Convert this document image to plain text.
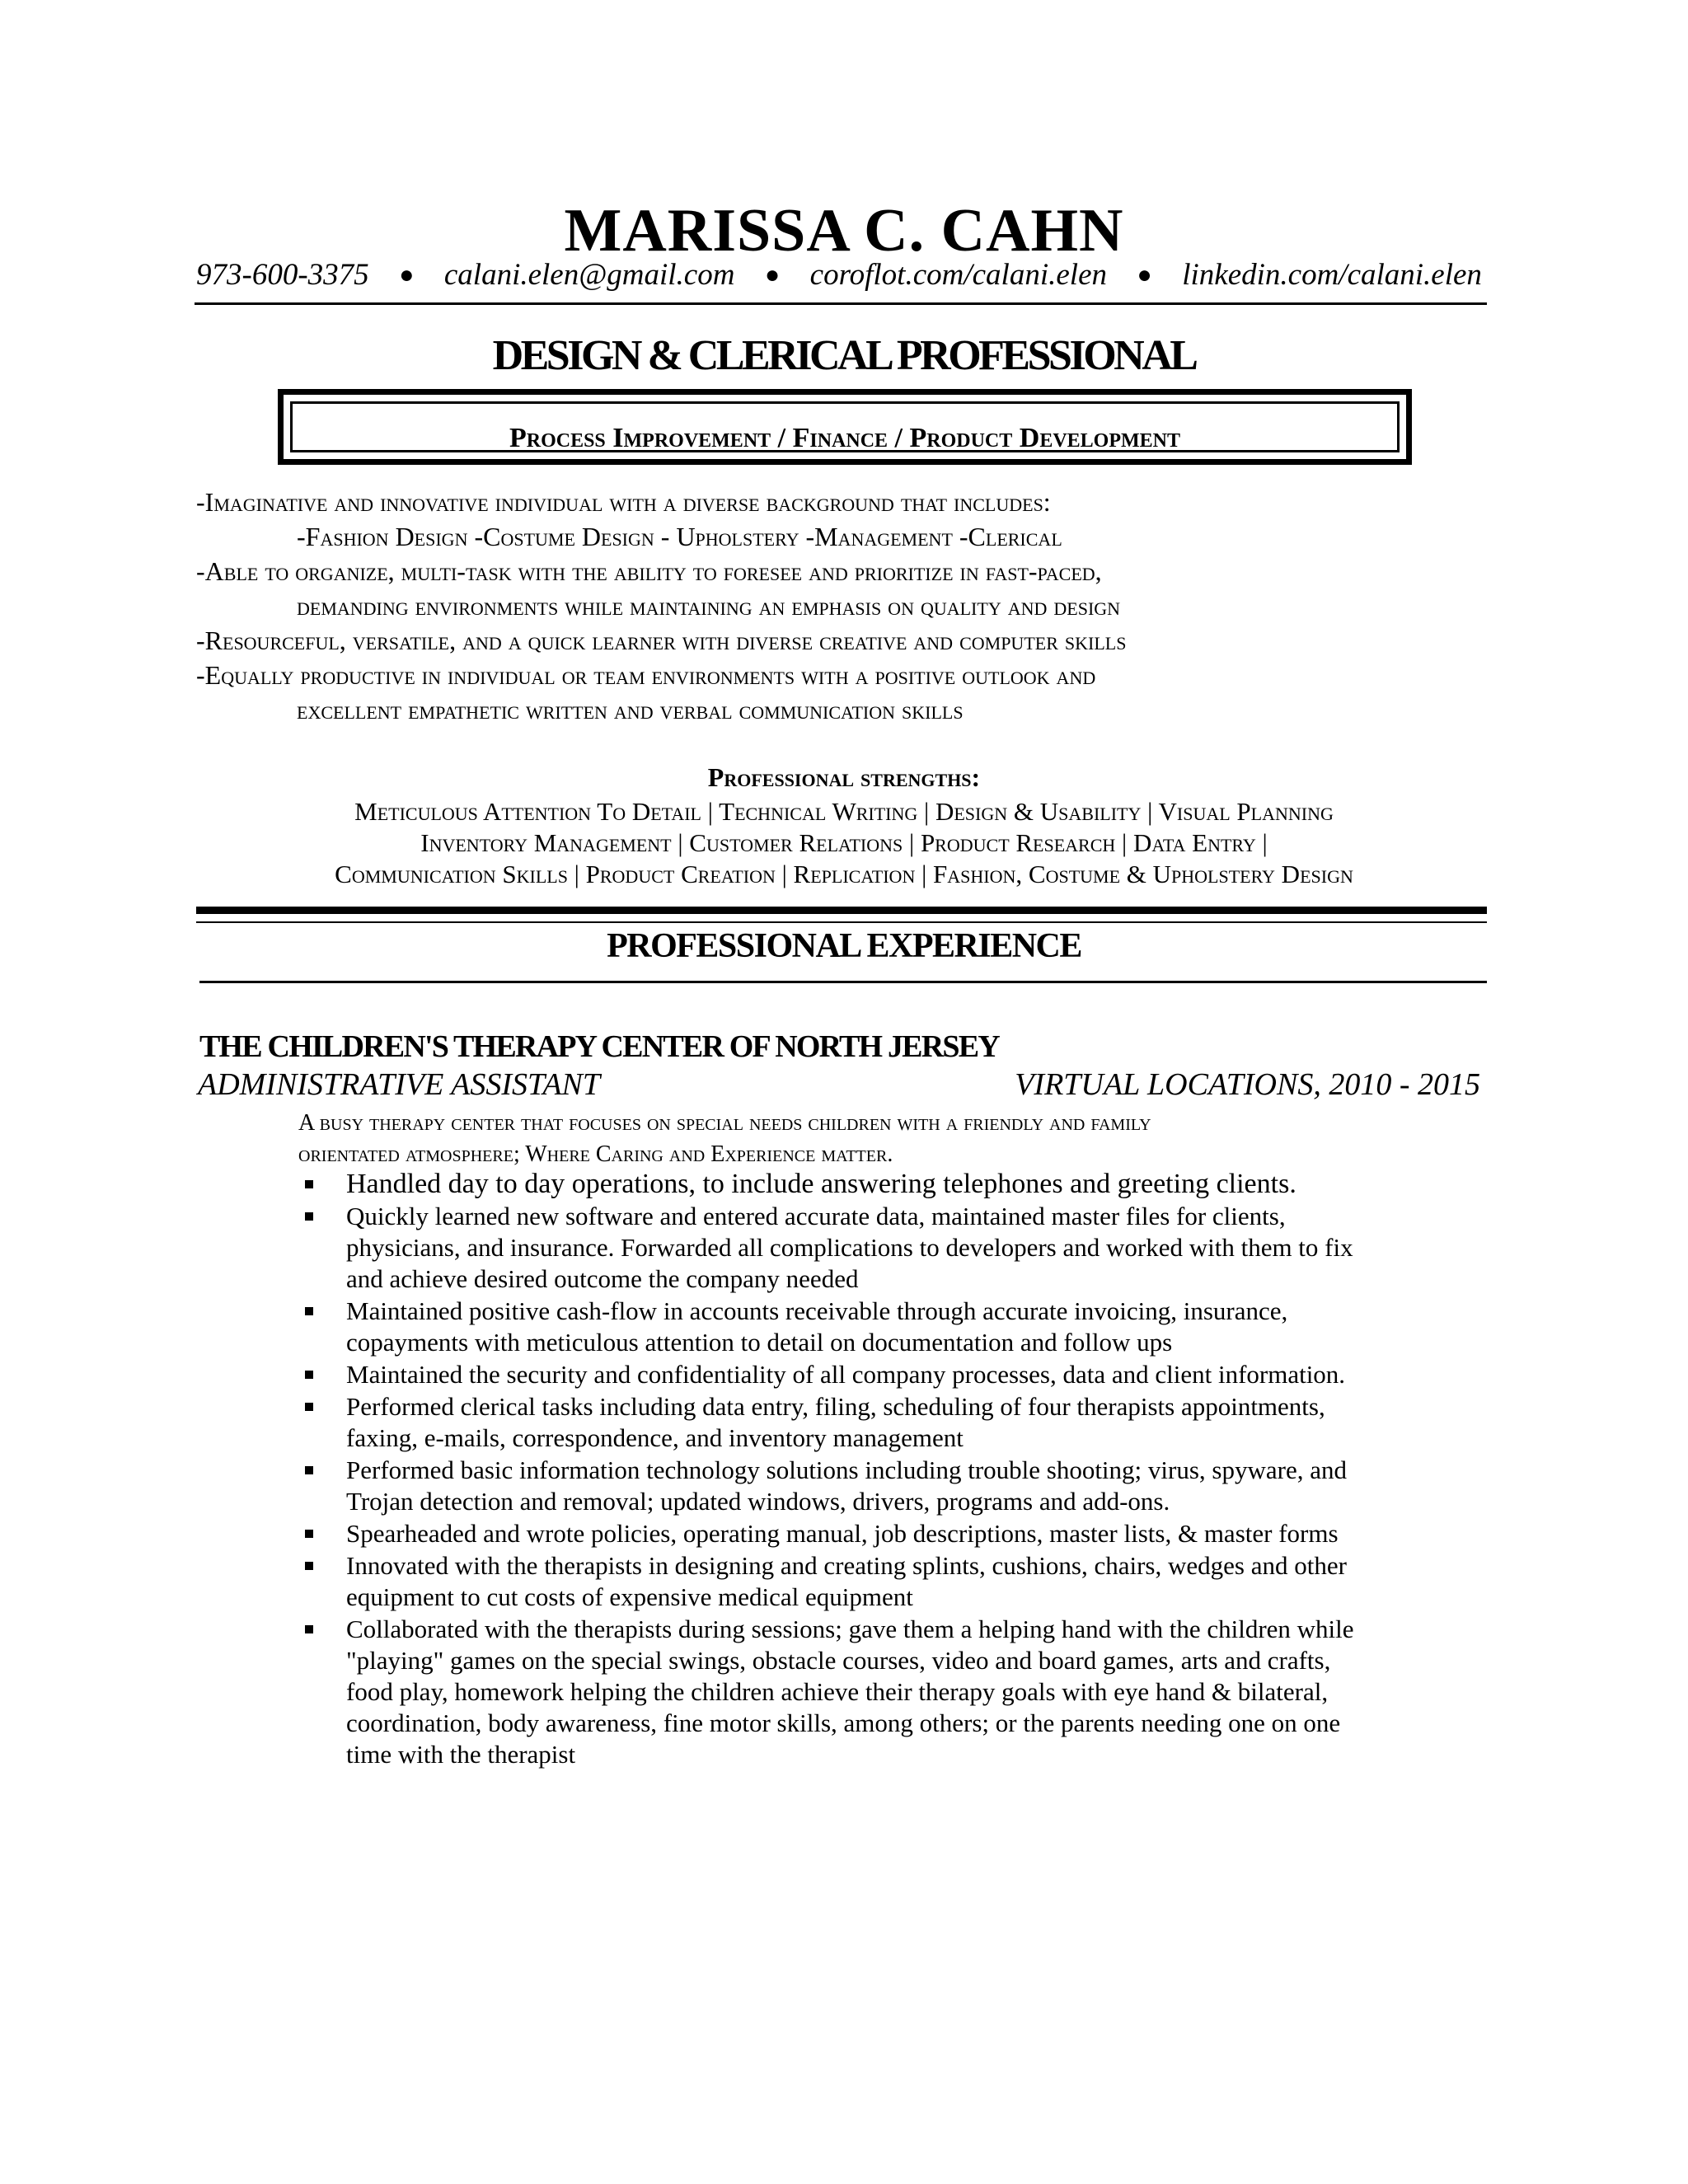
MARISSA C. CAHN
973-600-3375 ● calani.elen@gmail.com ● coroflot.com/calani.elen ● linkedin.com/calani.elen
DESIGN & CLERICAL PROFESSIONAL
Process Improvement / Finance / Product Development
-Imaginative and innovative individual with a diverse background that includes:
-Fashion Design -Costume Design - Upholstery -Management -Clerical
-Able to organize, multi-task with the ability to foresee and prioritize in fast-paced,
demanding environments while maintaining an emphasis on quality and design
-Resourceful, versatile, and a quick learner with diverse creative and computer skills
-Equally productive in individual or team environments with a positive outlook and
excellent empathetic written and verbal communication skills
Professional strengths:
Meticulous Attention To Detail | Technical Writing | Design & Usability | Visual Planning
Inventory Management | Customer Relations | Product Research | Data Entry |
Communication Skills | Product Creation | Replication | Fashion, Costume & Upholstery Design
PROFESSIONAL EXPERIENCE
THE CHILDREN'S THERAPY CENTER OF NORTH JERSEY
ADMINISTRATIVE ASSISTANT	VIRTUAL LOCATIONS, 2010 - 2015
A busy therapy center that focuses on special needs children with a friendly and family
orientated atmosphere; Where Caring and Experience matter.
Handled day to day operations, to include answering telephones and greeting clients.
Quickly learned new software and entered accurate data, maintained master files for clients,
physicians, and insurance. Forwarded all complications to developers and worked with them to fix
and achieve desired outcome the company needed
Maintained positive cash-flow in accounts receivable through accurate invoicing, insurance,
copayments with meticulous attention to detail on documentation and follow ups
Maintained the security and confidentiality of all company processes, data and client information.
Performed clerical tasks including data entry, filing, scheduling of four therapists appointments,
faxing, e-mails, correspondence, and inventory management
Performed basic information technology solutions including trouble shooting; virus, spyware, and
Trojan detection and removal; updated windows, drivers, programs and add-ons.
Spearheaded and wrote policies, operating manual, job descriptions, master lists, & master forms
Innovated with the therapists in designing and creating splints, cushions, chairs, wedges and other
equipment to cut costs of expensive medical equipment
Collaborated with the therapists during sessions; gave them a helping hand with the children while
"playing" games on the special swings, obstacle courses, video and board games, arts and crafts,
food play, homework helping the children achieve their therapy goals with eye hand & bilateral,
coordination, body awareness, fine motor skills, among others; or the parents needing one on one
time with the therapist
